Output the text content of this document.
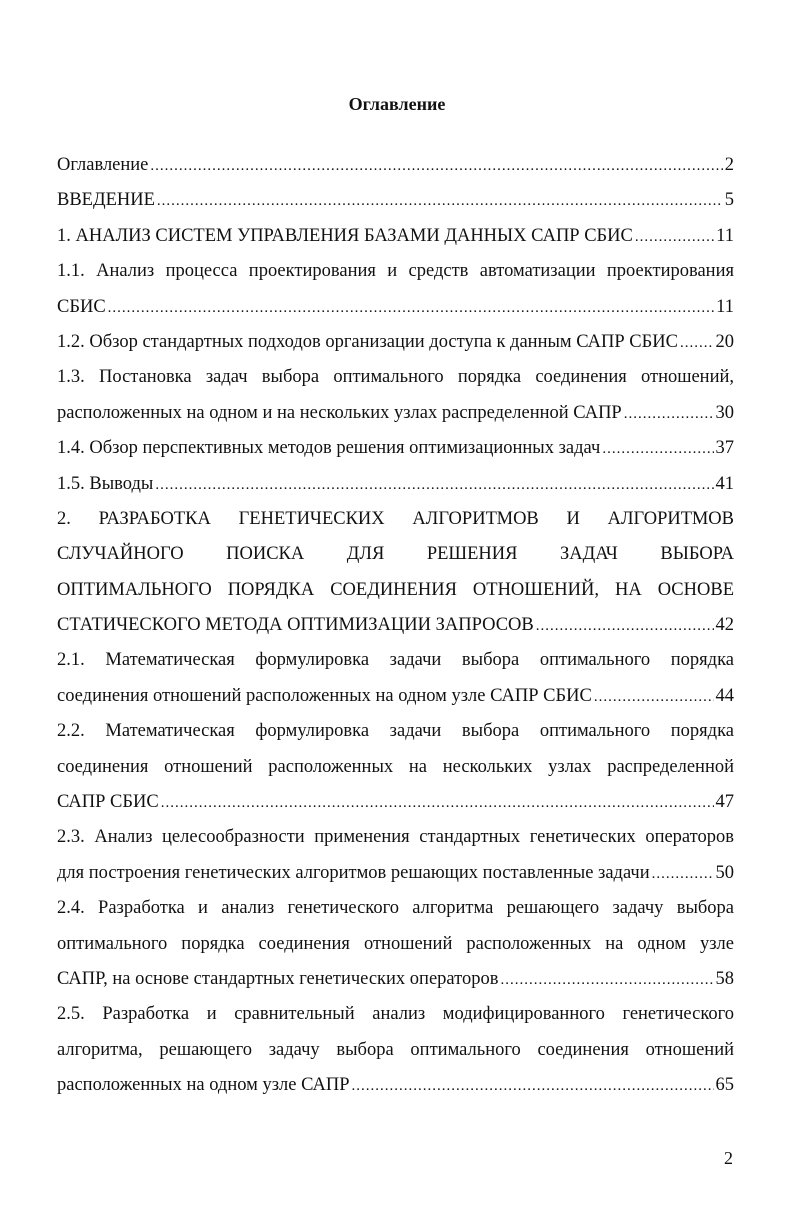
Оглавление
Оглавление .....	2
ВВЕДЕНИЕ .....	5
1. АНАЛИЗ СИСТЕМ УПРАВЛЕНИЯ БАЗАМИ ДАННЫХ САПР СБИС .....	11
1.1. Анализ процесса проектирования и средств автоматизации проектирования
СБИС .....	11
1.2. Обзор стандартных подходов организации доступа к данным САПР СБИС ..... 20
1.3. Постановка задач выбора оптимального порядка соединения отношений,
расположенных на одном и на нескольких узлах распределенной САПР .....	30
1.4. Обзор перспективных методов решения оптимизационных задач .....	37
1.5. Выводы .....	41
2. РАЗРАБОТКА ГЕНЕТИЧЕСКИХ АЛГОРИТМОВ И АЛГОРИТМОВ
СЛУЧАЙНОГО ПОИСКА ДЛЯ РЕШЕНИЯ ЗАДАЧ ВЫБОРА
ОПТИМАЛЬНОГО ПОРЯДКА СОЕДИНЕНИЯ ОТНОШЕНИЙ, НА ОСНОВЕ
СТАТИЧЕСКОГО МЕТОДА ОПТИМИЗАЦИИ ЗАПРОСОВ .....	42
2.1. Математическая формулировка задачи выбора оптимального порядка
соединения отношений расположенных на одном узле САПР СБИС .....	44
2.2. Математическая формулировка задачи выбора оптимального порядка
соединения отношений расположенных на нескольких узлах распределенной
САПР СБИС .....	47
2.3. Анализ целесообразности применения стандартных генетических операторов
для построения генетических алгоритмов решающих поставленные задачи .....	50
2.4. Разработка и анализ генетического алгоритма решающего задачу выбора
оптимального порядка соединения отношений расположенных на одном узле
САПР, на основе стандартных генетических операторов .....	58
2.5. Разработка и сравнительный анализ модифицированного генетического
алгоритма, решающего задачу выбора оптимального соединения отношений
расположенных на одном узле САПР .....	65
2
